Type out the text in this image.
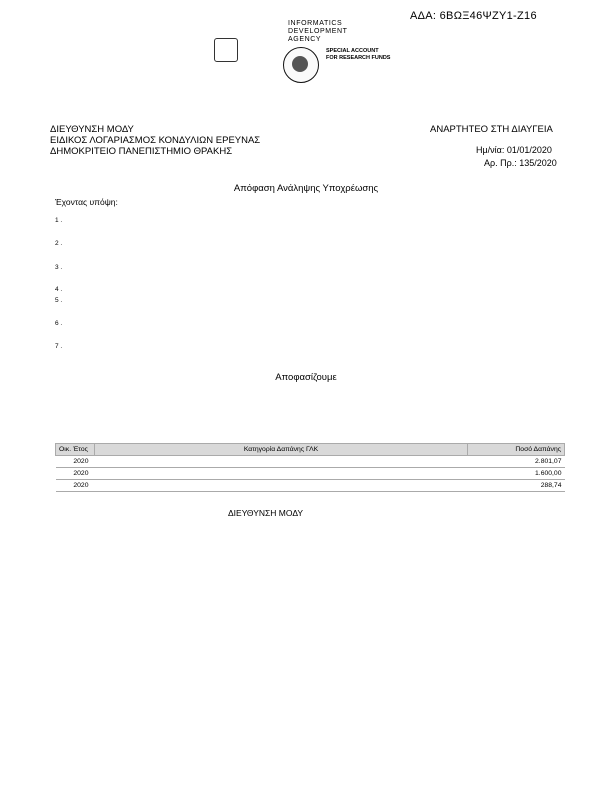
ΑΔΑ: 6ΒΩΞ46ΨΖΥ1-Ζ16
INFORMATICS
DEVELOPMENT
AGENCY
SPECIAL ACCOUNT
FOR RESEARCH FUNDS
ΔΙΕΥΘΥΝΣΗ ΜΟΔΥ
ΕΙΔΙΚΟΣ ΛΟΓΑΡΙΑΣΜΟΣ ΚΟΝΔΥΛΙΩΝ ΕΡΕΥΝΑΣ
ΔΗΜΟΚΡΙΤΕΙΟ ΠΑΝΕΠΙΣΤΗΜΙΟ ΘΡΑΚΗΣ
ΑΝΑΡΤΗΤΕΟ ΣΤΗ ΔΙΑΥΓΕΙΑ
Ημ/νία: 01/01/2020
Αρ. Πρ.: 135/2020
Απόφαση Ανάληψης Υποχρέωσης
Έχοντας υπόψη:
1 .
2 .
3 .
4 .
5 .
6 .
7 .
Αποφασίζουμε
Οικ. Έτος	Κατηγορία Δαπάνης ΓΛΚ	Ποσό Δαπάνης
2020		2.801,07
2020		1.600,00
2020		288,74
ΔΙΕΥΘΥΝΣΗ ΜΟΔΥ
